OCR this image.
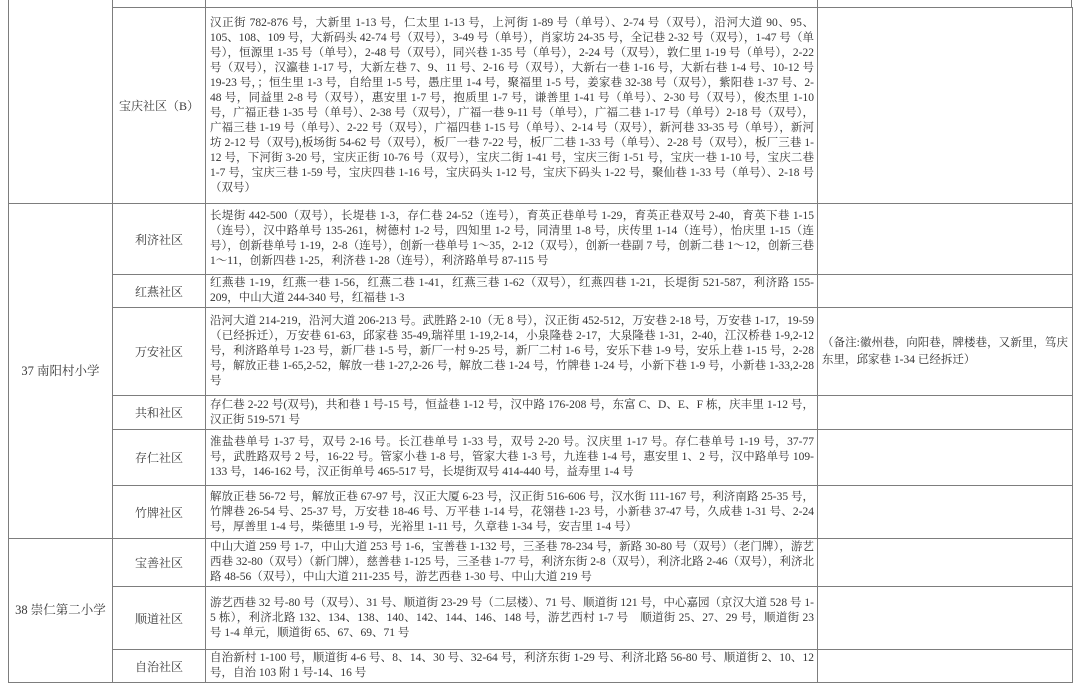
	宝庆社区（B）	汉正街 782-876 号，大新里 1-13 号，仁太里 1-13 号，上河街 1-89 号（单号）、2-74 号（双号），沿河大道 90、95、105、108、109 号，大新码头 42-74 号（双号），3-49 号（单号），肖家坊 24-35 号，全记巷 2-32 号（双号），1-47 号（单号），恒源里 1-35 号（单号），2-48 号（双号），同兴巷 1-35 号（单号），2-24 号（双号），敦仁里 1-19 号（单号），2-22 号（双号），汉瀛巷 1-17 号，大新左巷 7、9、11 号、2-16 号（双号），大新右一巷 1-16 号，大新右巷 1-4 号、10-12 号 19-23 号，；恒生里 1-3 号，自给里 1-5 号，愚庄里 1-4 号，聚福里 1-5 号，姜家巷 32-38 号（双号），紫阳巷 1-37 号、2-48 号，同益里 2-8 号（双号），惠安里 1-7 号，抱质里 1-7 号，谦善里 1-41 号（单号）、2-30 号（双号），俊杰里 1-10 号，广福正巷 1-35 号（单号）、2-38 号（双号），广福一巷 9-11 号（单号），广福二巷 1-17 号（单号）2-18 号（双号），广福三巷 1-19 号（单号）、2-22 号（双号），广福四巷 1-15 号（单号）、2-14 号（双号），新河巷 33-35 号（单号），新河坊 2-12 号（双号),板场街 54-62 号（双号），板厂一巷 7-22 号，板厂二巷 1-33 号（单号）、2-28 号（双号），板厂三巷 1-12 号，下河街 3-20 号，宝庆正街 10-76 号（双号），宝庆二街 1-41 号，宝庆三街 1-51 号，宝庆一巷 1-10 号，宝庆二巷 1-7 号，宝庆三巷 1-59 号，宝庆四巷 1-16 号，宝庆码头 1-12 号，宝庆下码头 1-22 号，聚仙巷 1-33 号（单号）、2-18 号（双号）	
37 南阳村小学	利济社区	长堤街 442-500（双号），长堤巷 1-3，存仁巷 24-52（连号），育英正巷单号 1-29，育英正巷双号 2-40，育英下巷 1-15（连号），汉中路单号 135-261，树德村 1-2 号，四知里 1-2 号，同清里 1-8 号，庆传里 1-14（连号），怡庆里 1-15（连号），创新巷单号 1-19，2-8（连号），创新一巷单号 1～35，2-12（双号），创新一巷副 7 号，创新二巷 1～12，创新三巷 1～11，创新四巷 1-25，利济巷 1-28（连号），利济路单号 87-115 号	
	红燕社区	红燕巷 1-19，红燕一巷 1-56，红燕二巷 1-41，红燕三巷 1-62（双号），红燕四巷 1-21，长堤街 521-587，利济路 155-209，中山大道 244-340 号，红福巷 1-3	
	万安社区	沿河大道 214-219，沿河大道 206-213 号。武胜路 2-10（无 8 号），汉正街 452-512，万安巷 2-18 号，万安巷 1-17，19-59（已经拆迁），万安巷 61-63，邱家巷 35-49,瑞祥里 1-19,2-14，小泉隆巷 2-17，大泉隆巷 1-31，2-40，江汉桥巷 1-9,2-12 号，利济路单号 1-23 号，新厂巷 1-5 号，新厂一村 9-25 号，新厂二村 1-6 号，安乐下巷 1-9 号，安乐上巷 1-15 号，2-28 号，解放正巷 1-65,2-52，解放一巷 1-27,2-26 号，解放二巷 1-24 号，竹牌巷 1-24 号，小新下巷 1-9 号，小新巷 1-33,2-28 号	（备注:徽州巷，向阳巷，牌楼巷，又新里，笃庆东里，邱家巷 1-34 已经拆迁）
	共和社区	存仁巷 2-22 号(双号)，共和巷 1 号-15 号，恒益巷 1-12 号，汉中路 176-208 号，东富 C、D、E、F 栋，庆丰里 1-12 号，汉正街 519-571 号	
	存仁社区	淮盐巷单号 1-37 号，双号 2-16 号。长江巷单号 1-33 号，双号 2-20 号。汉庆里 1-17 号。存仁巷单号 1-19 号，37-77 号，武胜路双号 2 号，16-22 号。管家小巷 1-8 号，管家大巷 1-3 号，九连巷 1-4 号，惠安里 1、2 号，汉中路单号 109-133 号，146-162 号，汉正街单号 465-517 号，长堤街双号 414-440 号，益寿里 1-4 号	
	竹牌社区	解放正巷 56-72 号，解放正巷 67-97 号，汉正大厦 6-23 号，汉正街 516-606 号，汉水街 111-167 号，利济南路 25-35 号，竹牌巷 26-54 号、25-37 号，万安巷 18-46 号、万平巷 1-14 号，花翎巷 1-23 号，小新巷 37-47 号，久成巷 1-31 号、2-24 号，厚善里 1-4 号，柴德里 1-9 号，光裕里 1-11 号，久章巷 1-34 号，安吉里 1-4 号）	
38 崇仁第二小学	宝善社区	中山大道 259 号 1-7，中山大道 253 号 1-6，宝善巷 1-132 号，三圣巷 78-234 号，新路 30-80 号（双号）（老门牌），游艺西巷 32-80（双号）（新门牌），慈善巷 1-125 号，三圣巷 1-77 号，利济东街 2-8（双号），利济北路 2-46（双号），利济北路 48-56（双号），中山大道 211-235 号，游艺西巷 1-30 号、中山大道 219 号	
	顺道社区	游艺西巷 32 号-80 号（双号）、31 号、顺道街 23-29 号（二层楼）、71 号、顺道街 121 号，中心嘉园（京汉大道 528 号 1-5 栋），利济北路 132、134、138、140、142、144、146、148 号，游艺西村 1-7 号　顺道街 25、27、29 号，顺道街 23 号 1-4 单元，顺道街 65、67、69、71 号	
	自治社区	自治新村 1-100 号，顺道街 4-6 号、8、14、30 号、32-64 号，利济东街 1-29 号、利济北路 56-80 号、顺道街 2、10、12 号，自治 103 附 1 号-14、16 号	
